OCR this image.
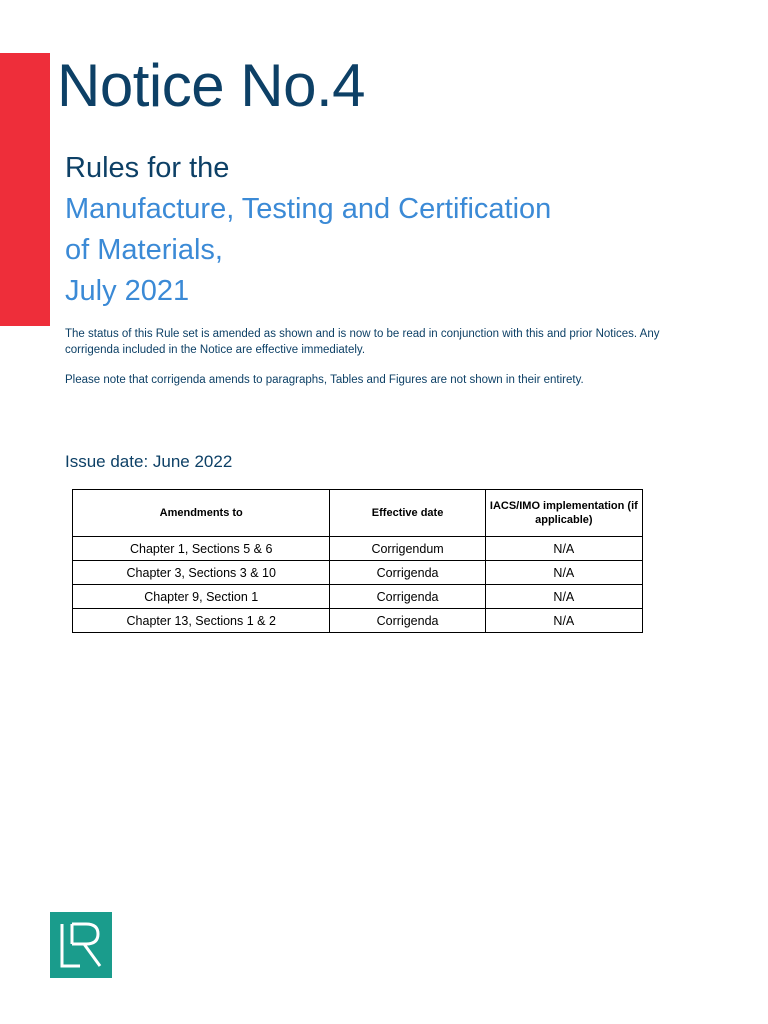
Notice No.4
Rules for the
Manufacture, Testing and Certification
of Materials,
July 2021

The status of this Rule set is amended as shown and is now to be read in conjunction with this and prior Notices. Any corrigenda included in the Notice are effective immediately.

Please note that corrigenda amends to paragraphs, Tables and Figures are not shown in their entirety.

Issue date: June 2022

Amendments to	Effective date	IACS/IMO implementation (if applicable)
Chapter 1, Sections 5 & 6	Corrigendum	N/A
Chapter 3, Sections 3 & 10	Corrigenda	N/A
Chapter 9, Section 1	Corrigenda	N/A
Chapter 13, Sections 1 & 2	Corrigenda	N/A
